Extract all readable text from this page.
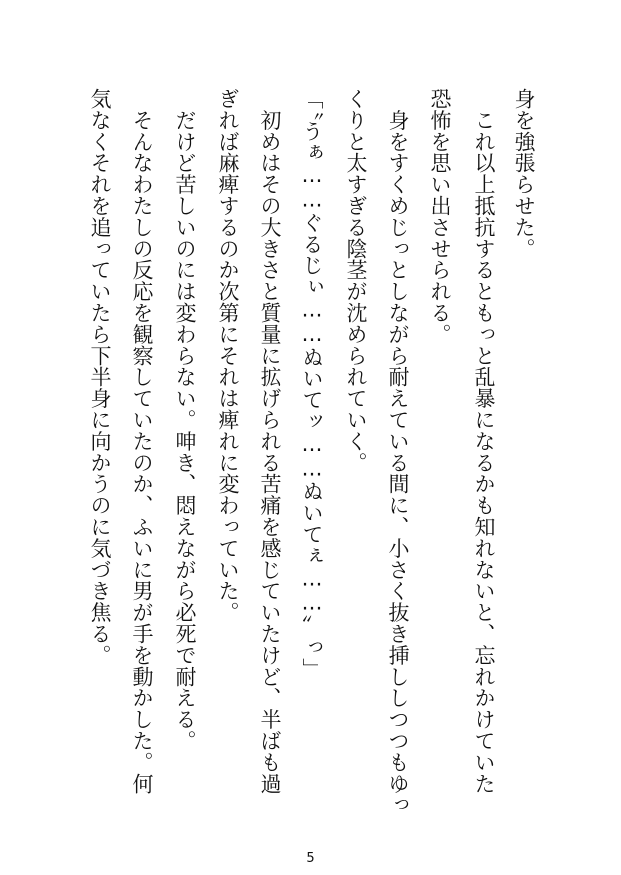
身を強張らせた。
　これ以上抵抗するともっと乱暴になるかも知れないと、忘れかけていた
恐怖を思い出させられる。
　身をすくめじっとしながら耐えている間に、小さく抜き挿ししつつもゆっ
くりと太すぎる陰茎が沈められていく。
「〝うぁ……ぐるじぃ……ぬいてッ……ぬいてぇ……〟っ」
　初めはその大きさと質量に拡げられる苦痛を感じていたけど、半ばも過
ぎれば麻痺するのか次第にそれは痺れに変わっていた。
　だけど苦しいのには変わらない。呻き、悶えながら必死で耐える。
　そんなわたしの反応を観察していたのか、ふいに男が手を動かした。何
気なくそれを追っていたら下半身に向かうのに気づき焦る。
5
